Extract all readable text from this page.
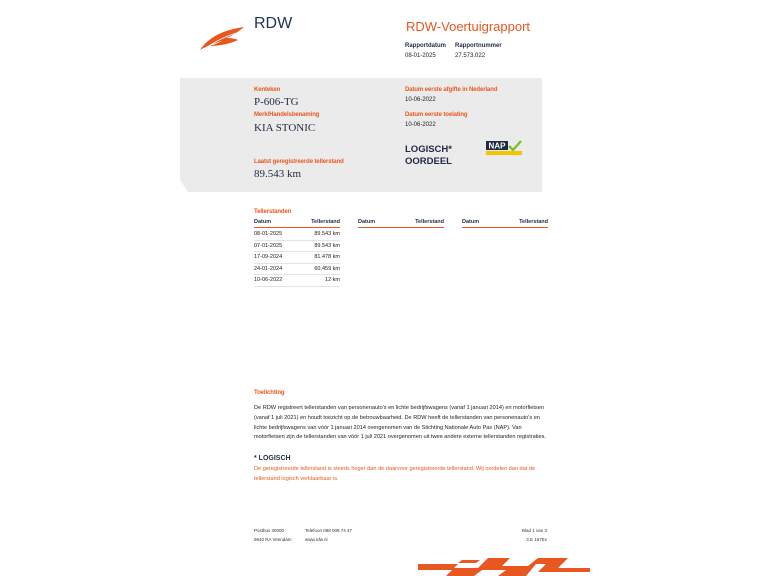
RDW	RDW-Voertuigrapport
Rapportdatum
08-01-2025
Rapportnummer
27.573.022
Kenteken
P-606-TG
Merk/Handelsbenaming
KIA STONIC
Laatst geregistreerde tellerstand
89.543 km
Datum eerste afgifte in Nederland
10-06-2022
Datum eerste toelating
10-06-2022
LOGISCH*
OORDEEL
NAP
Tellerstanden
Datum	Tellerstand	Datum	Tellerstand	Datum	Tellerstand
08-01-2025	89.543 km
07-01-2025	89.543 km
17-09-2024	81.478 km
24-01-2024	60.459 km
10-06-2022	12 km
Toelichting
De RDW registreert tellerstanden van personenauto's en lichte bedrijfswagens (vanaf 1 januari 2014) en motorfietsen (vanaf 1 juli 2021) en houdt toezicht op de betrouwbaarheid. De RDW heeft de tellerstanden van personenauto's en lichte bedrijfswagens van vóór 1 januari 2014 overgenomen van de Stichting Nationale Auto Pas (NAP). Van motorfietsen zijn de tellerstanden van vóór 1 juli 2021 overgenomen uit twee andere externe tellerstanden registraties.
* LOGISCH
De geregistreerde tellerstand is steeds hoger dan de daarvoor geregistreerde tellerstand. Wij oordelen dan dat de tellerstand logisch verklaarbaar is.
Postbus 30000
9640 RA Veendam
Telefoon 088 008 74 47
www.rdw.nl
Blad 1 van 3
3.E 167Ex
